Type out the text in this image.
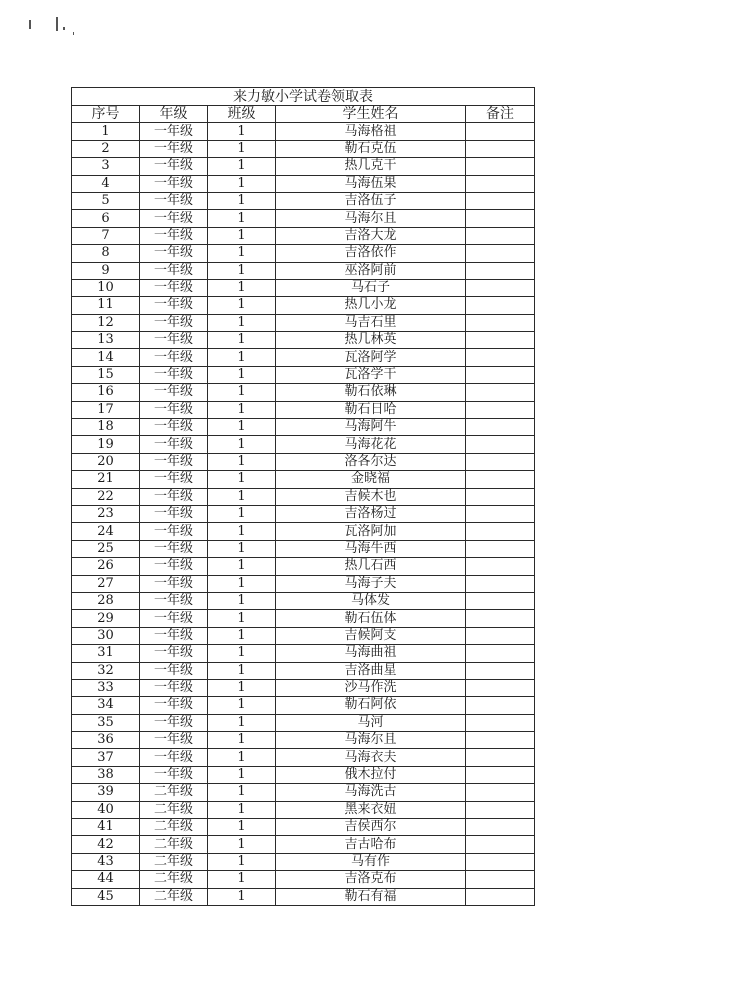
来力敏小学试卷领取表				
序号	年级	班级	学生姓名	备注
1	一年级	1	马海格祖	
2	一年级	1	勒石克伍	
3	一年级	1	热几克干	
4	一年级	1	马海伍果	
5	一年级	1	吉洛伍子	
6	一年级	1	马海尔且	
7	一年级	1	吉洛大龙	
8	一年级	1	吉洛依作	
9	一年级	1	巫洛阿前	
10	一年级	1	马石子	
11	一年级	1	热几小龙	
12	一年级	1	马吉石里	
13	一年级	1	热几林英	
14	一年级	1	瓦洛阿学	
15	一年级	1	瓦洛学干	
16	一年级	1	勒石依琳	
17	一年级	1	勒石日哈	
18	一年级	1	马海阿牛	
19	一年级	1	马海花花	
20	一年级	1	洛各尔达	
21	一年级	1	金晓福	
22	一年级	1	吉候木也	
23	一年级	1	吉洛杨过	
24	一年级	1	瓦洛阿加	
25	一年级	1	马海牛西	
26	一年级	1	热几石西	
27	一年级	1	马海子夫	
28	一年级	1	马体发	
29	一年级	1	勒石伍体	
30	一年级	1	吉候阿支	
31	一年级	1	马海曲祖	
32	一年级	1	吉洛曲星	
33	一年级	1	沙马作洗	
34	一年级	1	勒石阿依	
35	一年级	1	马河	
36	一年级	1	马海尔且	
37	一年级	1	马海衣夫	
38	一年级	1	俄木拉付	
39	二年级	1	马海洗古	
40	二年级	1	黑来衣妞	
41	二年级	1	吉侯西尔	
42	二年级	1	吉古哈布	
43	二年级	1	马有作	
44	二年级	1	吉洛克布	
45	二年级	1	勒石有福	
